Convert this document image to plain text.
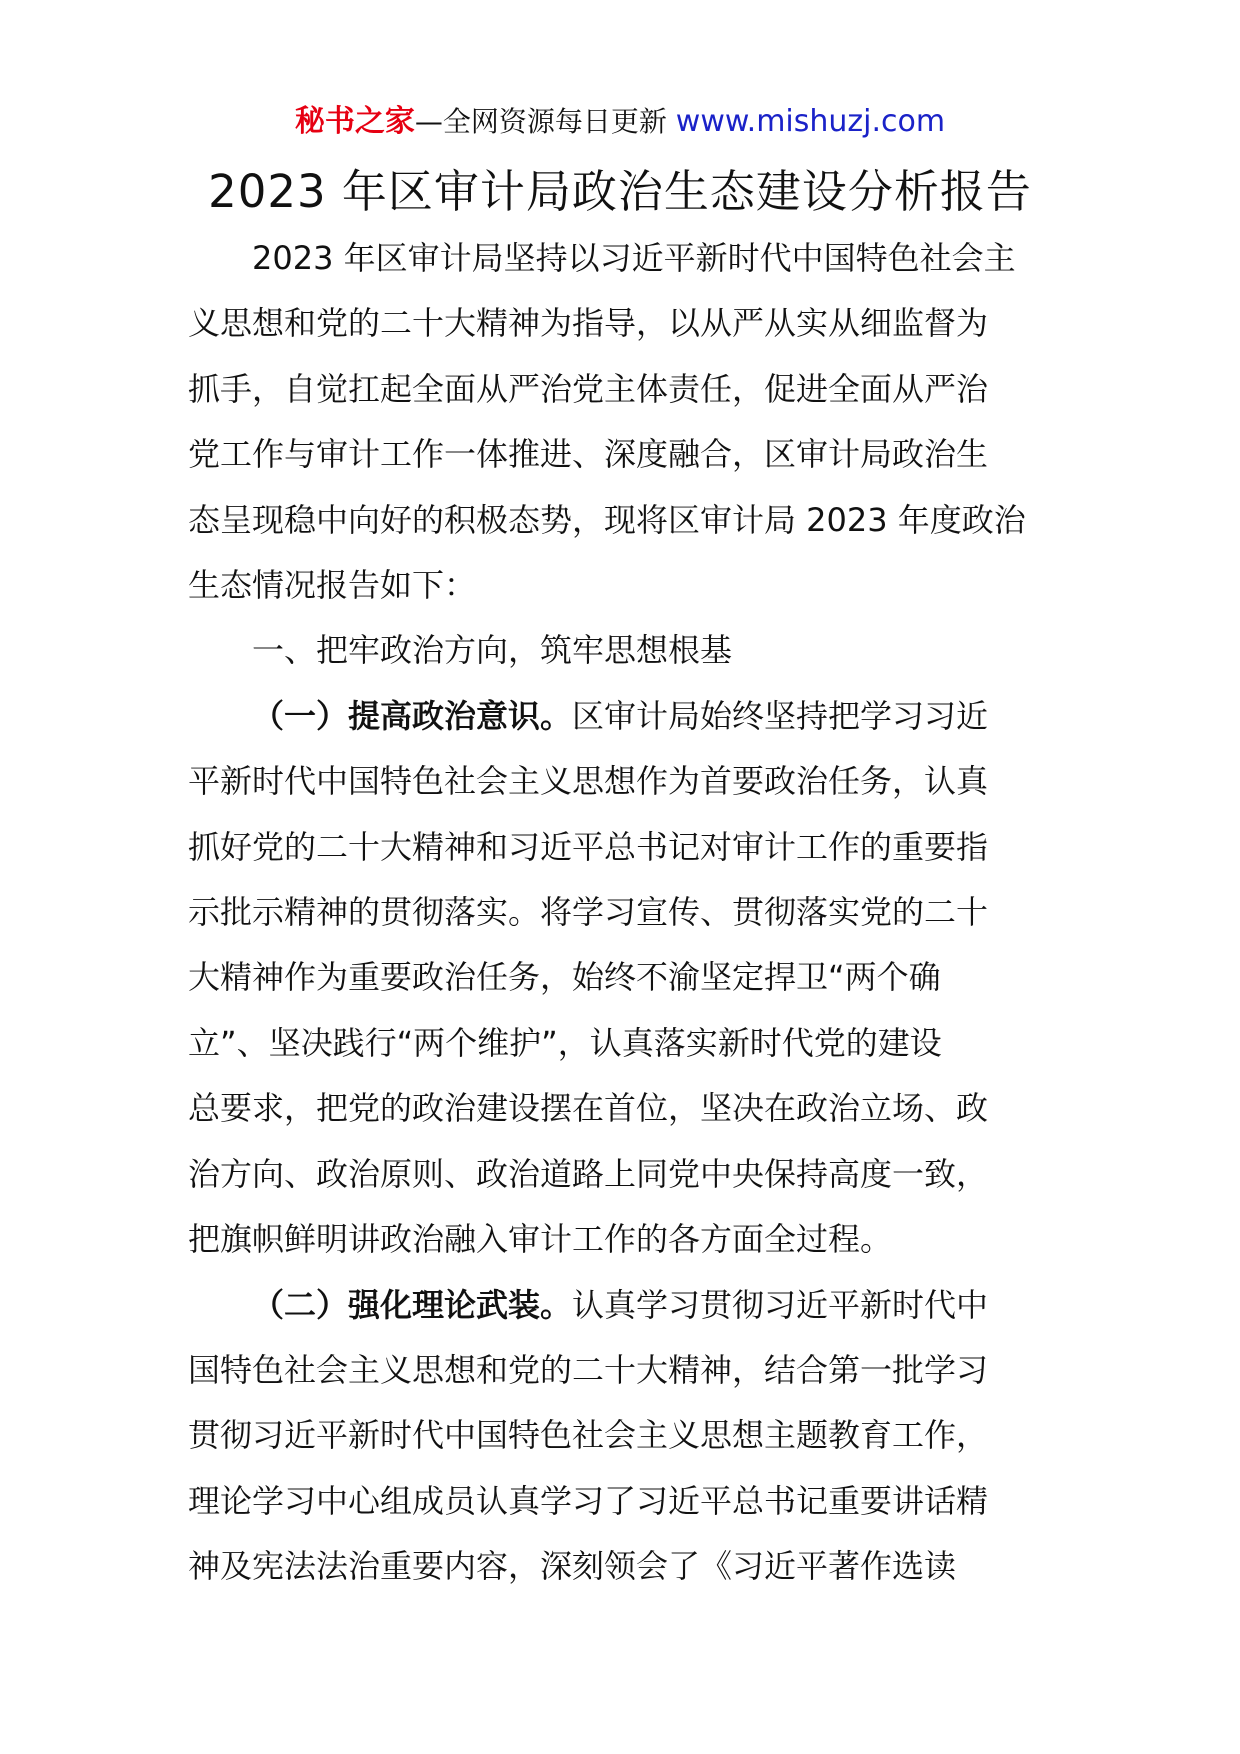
秘书之家—全网资源每日更新 www.mishuzj.com
2023 年区审计局政治生态建设分析报告

2023 年区审计局坚持以习近平新时代中国特色社会主

义思想和党的二十大精神为指导，以从严从实从细监督为

抓手，自觉扛起全面从严治党主体责任，促进全面从严治

党工作与审计工作一体推进、深度融合，区审计局政治生

态呈现稳中向好的积极态势，现将区审计局 2023 年度政治

生态情况报告如下：

一、把牢政治方向，筑牢思想根基

（一）提高政治意识。区审计局始终坚持把学习习近

平新时代中国特色社会主义思想作为首要政治任务，认真

抓好党的二十大精神和习近平总书记对审计工作的重要指

示批示精神的贯彻落实。将学习宣传、贯彻落实党的二十

大精神作为重要政治任务，始终不渝坚定捍卫“两个确

立”、坚决践行“两个维护”，认真落实新时代党的建设

总要求，把党的政治建设摆在首位，坚决在政治立场、政

治方向、政治原则、政治道路上同党中央保持高度一致，

把旗帜鲜明讲政治融入审计工作的各方面全过程。

（二）强化理论武装。认真学习贯彻习近平新时代中

国特色社会主义思想和党的二十大精神，结合第一批学习

贯彻习近平新时代中国特色社会主义思想主题教育工作，

理论学习中心组成员认真学习了习近平总书记重要讲话精

神及宪法法治重要内容，深刻领会了《习近平著作选读
